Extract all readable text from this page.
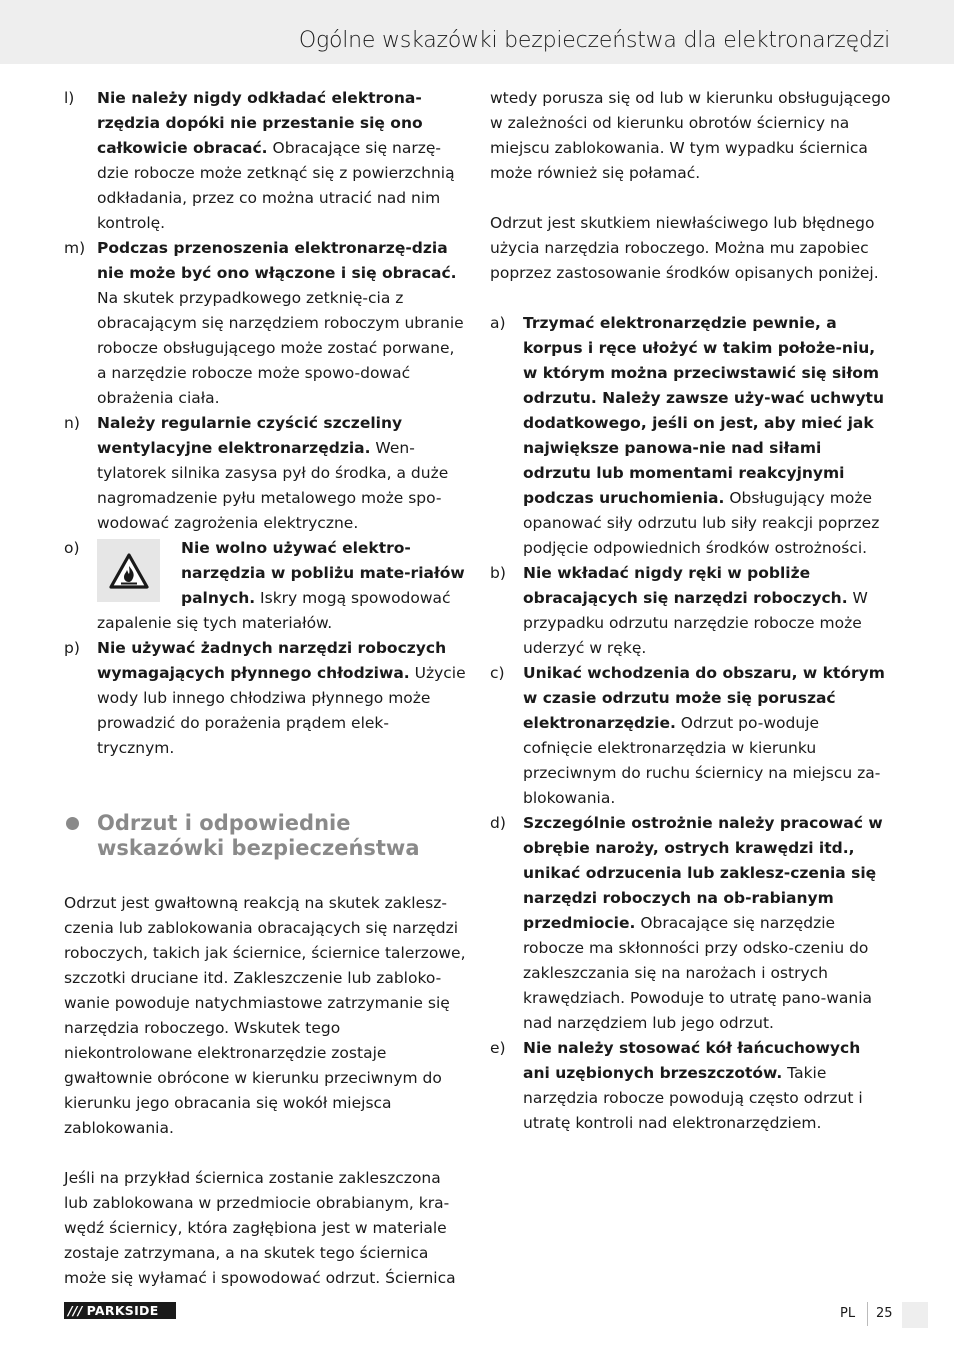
Ogólne wskazówki bezpieczeństwa dla elektronarzędzi
l) Nie należy nigdy odkładać elektrona-rzędzia dopóki nie przestanie się ono całkowicie obracać. Obracające się narzę-dzie robocze może zetknąć się z powierzchnią odkładania, przez co można utracić nad nim kontrolę.
m) Podczas przenoszenia elektronarzę-dzia nie może być ono włączone i się obracać. Na skutek przypadkowego zetknię-cia z obracającym się narzędziem roboczym ubranie robocze obsługującego może zostać porwane, a narzędzie robocze może spowo-dować obrażenia ciała.
n) Należy regularnie czyścić szczeliny wentylacyjne elektronarzędzia. Wen-tylatorek silnika zasysa pył do środka, a duże nagromadzenie pyłu metalowego może spo-wodować zagrożenia elektryczne.
o)	Nie wolno używać elektro-narzędzia w pobliżu mate-riałów palnych. Iskry mogą spowodować zapalenie się tych materiałów.
p) Nie używać żadnych narzędzi roboczych wymagających płynnego chłodziwa. Użycie wody lub innego chłodziwa płynnego może prowadzić do porażenia prądem elek-trycznym.
Odrzut i odpowiednie wskazówki bezpieczeństwa

Odrzut jest gwałtowną reakcją na skutek zaklesz-czenia lub zablokowania obracających się narzędzi roboczych, takich jak ściernice, ściernice talerzowe, szczotki druciane itd. Zakleszczenie lub zabloko-wanie powoduje natychmiastowe zatrzymanie się narzędzia roboczego. Wskutek tego niekontrolowane elektronarzędzie zostaje gwałtownie obrócone w kierunku przeciwnym do kierunku jego obracania się wokół miejsca zablokowania.

Jeśli na przykład ściernica zostanie zakleszczona lub zablokowana w przedmiocie obrabianym, kra-wędź ściernicy, która zagłębiona jest w materiale zostaje zatrzymana, a na skutek tego ściernica może się wyłamać i spowodować odrzut. Ściernica

wtedy porusza się od lub w kierunku obsługującego w zależności od kierunku obrotów ściernicy na miejscu zablokowania. W tym wypadku ściernica może również się połamać.

Odrzut jest skutkiem niewłaściwego lub błędnego użycia narzędzia roboczego. Można mu zapobiec poprzez zastosowanie środków opisanych poniżej.

a) Trzymać elektronarzędzie pewnie, a korpus i ręce ułożyć w takim położe-niu, w którym można przeciwstawić się siłom odrzutu. Należy zawsze uży-wać uchwytu dodatkowego, jeśli on jest, aby mieć jak największe panowa-nie nad siłami odrzutu lub momentami reakcyjnymi podczas uruchomienia. Obsługujący może opanować siły odrzutu lub siły reakcji poprzez podjęcie odpowiednich środków ostrożności.
b) Nie wkładać nigdy ręki w pobliże obracających się narzędzi roboczych. W przypadku odrzutu narzędzie robocze może uderzyć w rękę.
c) Unikać wchodzenia do obszaru, w którym w czasie odrzutu może się poruszać elektronarzędzie. Odrzut po-woduje cofnięcie elektronarzędzia w kierunku przeciwnym do ruchu ściernicy na miejscu za-blokowania.
d) Szczególnie ostrożnie należy pracować w obrębie naroży, ostrych krawędzi itd., unikać odrzucenia lub zaklesz-czenia się narzędzi roboczych na ob-rabianym przedmiocie. Obracające się narzędzie robocze ma skłonności przy odsko-czeniu do zakleszczania się na narożach i ostrych krawędziach. Powoduje to utratę pano-wania nad narzędziem lub jego odrzut.
e) Nie należy stosować kół łańcuchowych ani uzębionych brzeszczotów. Takie narzędzia robocze powodują często odrzut i utratę kontroli nad elektronarzędziem.
/// PARKSIDE	PL 25
